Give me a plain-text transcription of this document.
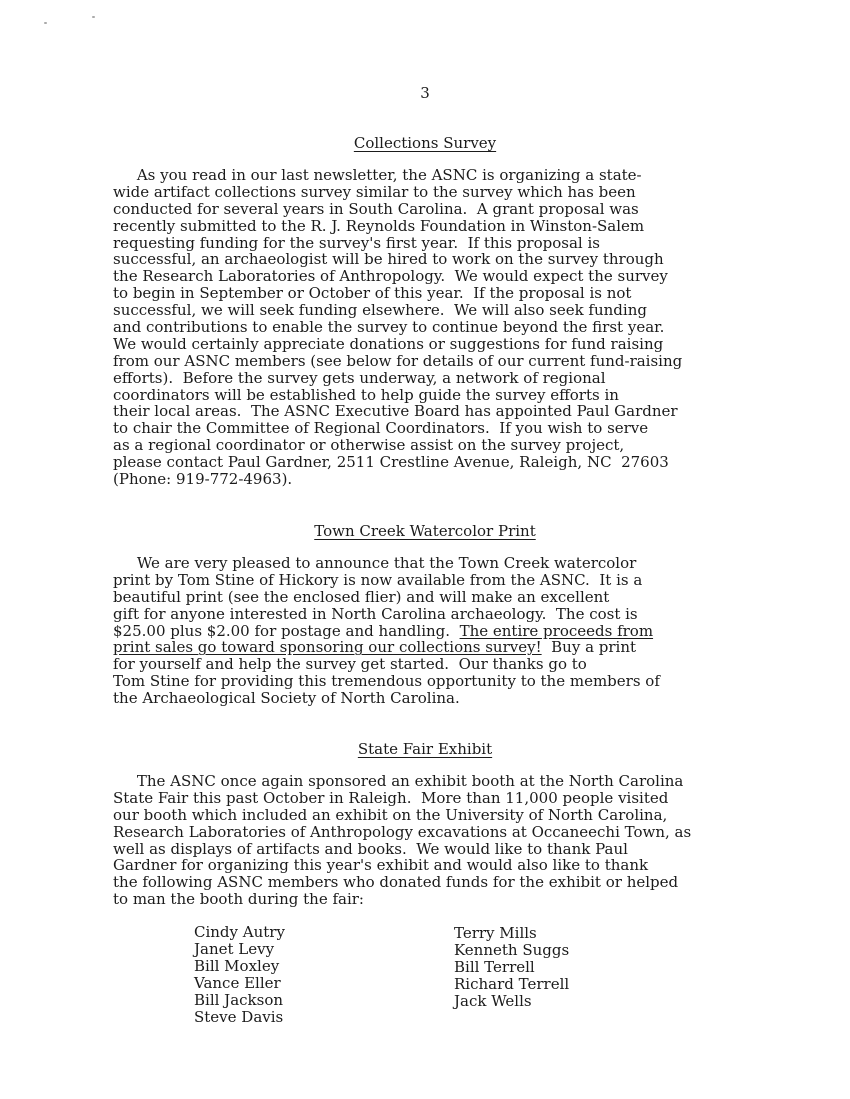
3
Collections Survey
As you read in our last newsletter, the ASNC is organizing a state-
wide artifact collections survey similar to the survey which has been
conducted for several years in South Carolina.  A grant proposal was
recently submitted to the R. J. Reynolds Foundation in Winston-Salem
requesting funding for the survey's first year.  If this proposal is
successful, an archaeologist will be hired to work on the survey through
the Research Laboratories of Anthropology.  We would expect the survey
to begin in September or October of this year.  If the proposal is not
successful, we will seek funding elsewhere.  We will also seek funding
and contributions to enable the survey to continue beyond the first year.
We would certainly appreciate donations or suggestions for fund raising
from our ASNC members (see below for details of our current fund-raising
efforts).  Before the survey gets underway, a network of regional
coordinators will be established to help guide the survey efforts in
their local areas.  The ASNC Executive Board has appointed Paul Gardner
to chair the Committee of Regional Coordinators.  If you wish to serve
as a regional coordinator or otherwise assist on the survey project,
please contact Paul Gardner, 2511 Crestline Avenue, Raleigh, NC  27603
(Phone: 919-772-4963).
Town Creek Watercolor Print
We are very pleased to announce that the Town Creek watercolor
print by Tom Stine of Hickory is now available from the ASNC.  It is a
beautiful print (see the enclosed flier) and will make an excellent
gift for anyone interested in North Carolina archaeology.  The cost is
$25.00 plus $2.00 for postage and handling.  The entire proceeds from
print sales go toward sponsoring our collections survey!  Buy a print
for yourself and help the survey get started.  Our thanks go to
Tom Stine for providing this tremendous opportunity to the members of
the Archaeological Society of North Carolina.
State Fair Exhibit
The ASNC once again sponsored an exhibit booth at the North Carolina
State Fair this past October in Raleigh.  More than 11,000 people visited
our booth which included an exhibit on the University of North Carolina,
Research Laboratories of Anthropology excavations at Occaneechi Town, as
well as displays of artifacts and books.  We would like to thank Paul
Gardner for organizing this year's exhibit and would also like to thank
the following ASNC members who donated funds for the exhibit or helped
to man the booth during the fair:
Cindy Autry
Janet Levy
Bill Moxley
Vance Eller
Bill Jackson
Steve Davis
Terry Mills
Kenneth Suggs
Bill Terrell
Richard Terrell
Jack Wells
